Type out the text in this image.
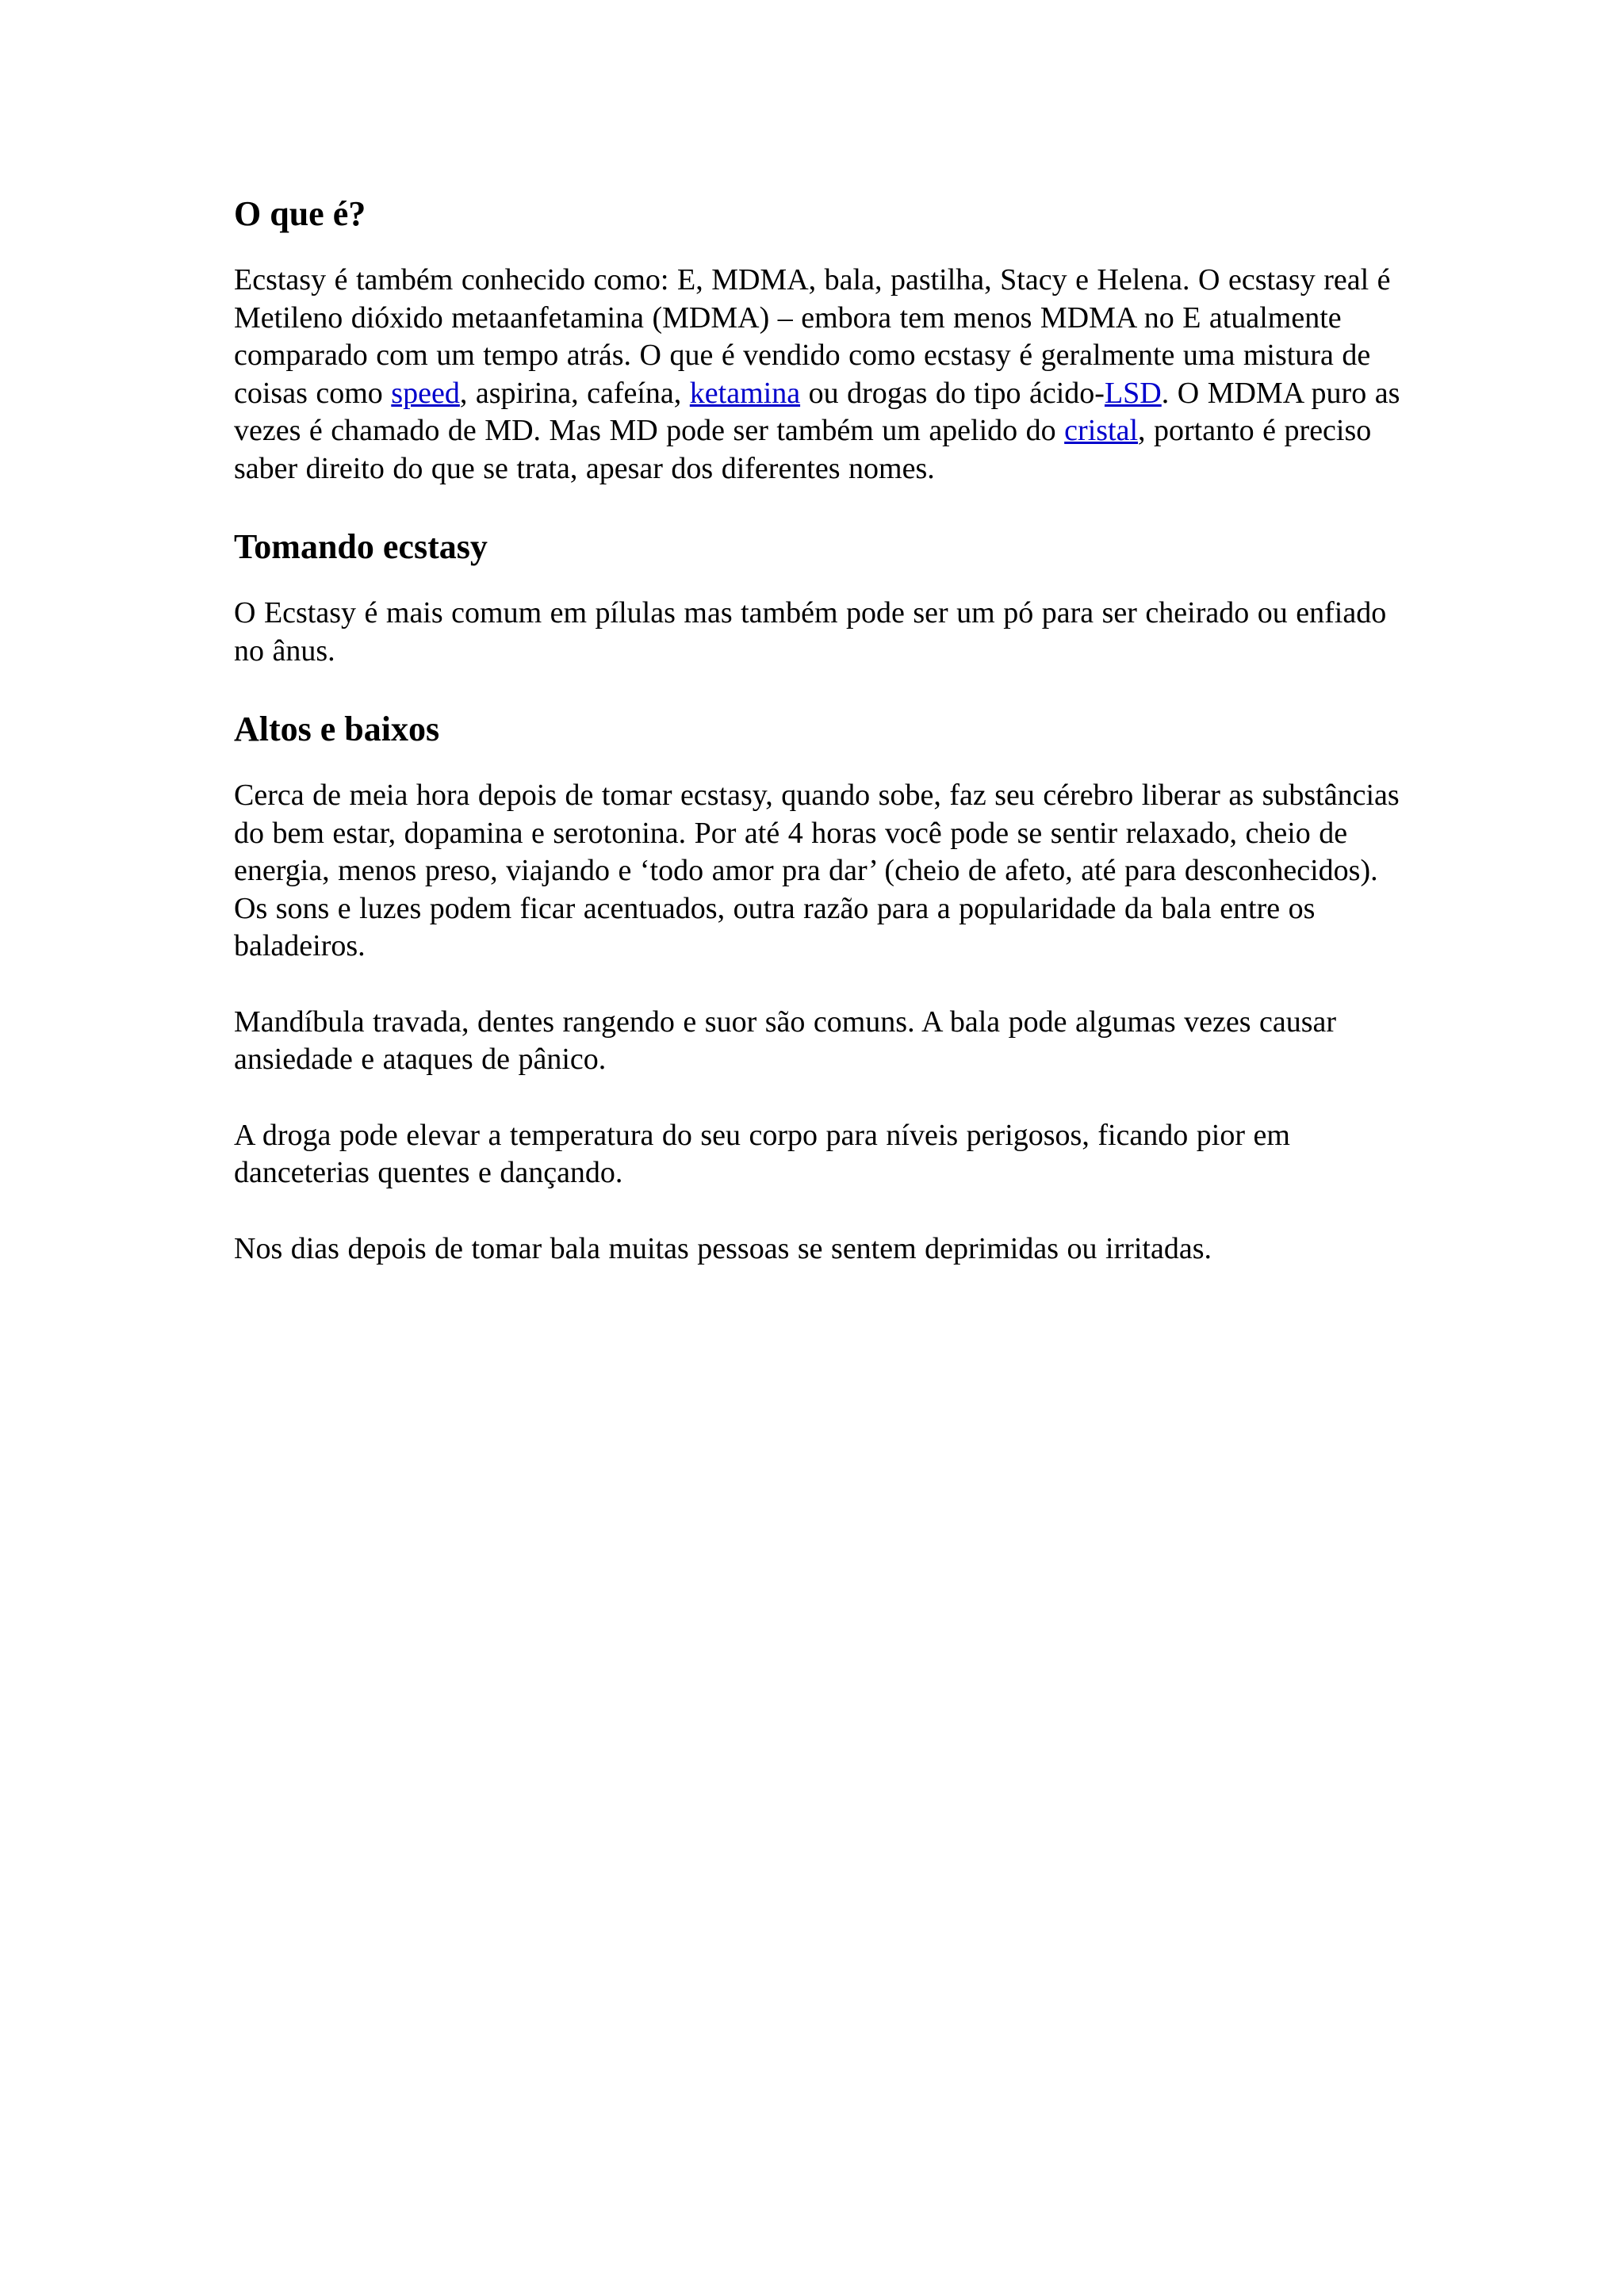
O que é?

Ecstasy é também conhecido como: E, MDMA, bala, pastilha, Stacy e Helena. O ecstasy real é Metileno dióxido metaanfetamina (MDMA) – embora tem menos MDMA no E atualmente comparado com um tempo atrás. O que é vendido como ecstasy é geralmente uma mistura de coisas como speed, aspirina, cafeína, ketamina ou drogas do tipo ácido-LSD. O MDMA puro as vezes é chamado de MD. Mas MD pode ser também um apelido do cristal, portanto é preciso saber direito do que se trata, apesar dos diferentes nomes.

Tomando ecstasy

O Ecstasy é mais comum em pílulas mas também pode ser um pó para ser cheirado ou enfiado no ânus.

Altos e baixos

Cerca de meia hora depois de tomar ecstasy, quando sobe, faz seu cérebro liberar as substâncias do bem estar, dopamina e serotonina. Por até 4 horas você pode se sentir relaxado, cheio de energia, menos preso, viajando e ‘todo amor pra dar’ (cheio de afeto, até para desconhecidos). Os sons e luzes podem ficar acentuados, outra razão para a popularidade da bala entre os baladeiros.

Mandíbula travada, dentes rangendo e suor são comuns. A bala pode algumas vezes causar ansiedade e ataques de pânico.

A droga pode elevar a temperatura do seu corpo para níveis perigosos, ficando pior em danceterias quentes e dançando.

Nos dias depois de tomar bala muitas pessoas se sentem deprimidas ou irritadas.
